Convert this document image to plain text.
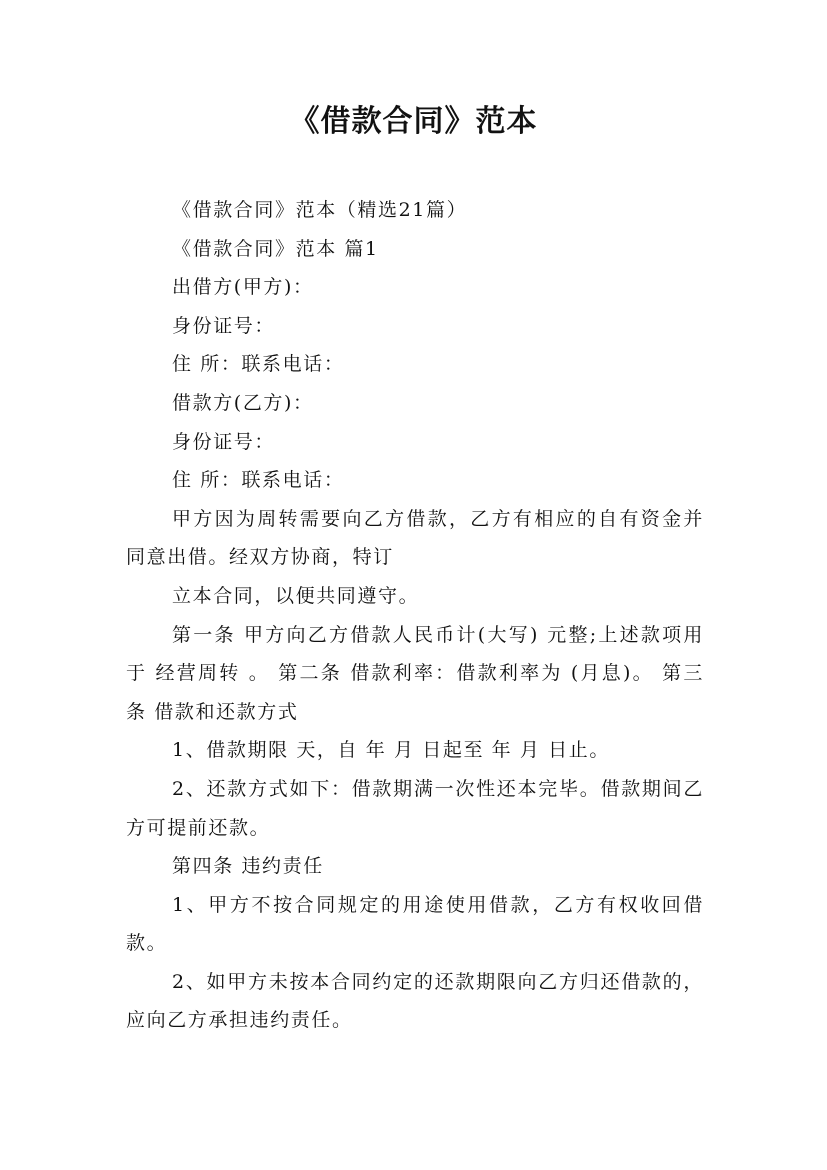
《借款合同》范本

《借款合同》范本（精选21篇）

《借款合同》范本 篇1

出借方(甲方)：

身份证号：

住 所：联系电话：

借款方(乙方)：

身份证号：

住 所：联系电话：

甲方因为周转需要向乙方借款，乙方有相应的自有资金并同意出借。经双方协商，特订

立本合同，以便共同遵守。

第一条 甲方向乙方借款人民币计(大写) 元整;上述款项用于 经营周转 。 第二条 借款利率：借款利率为 (月息)。 第三条 借款和还款方式

1、借款期限 天，自 年 月 日起至 年 月 日止。

2、还款方式如下：借款期满一次性还本完毕。借款期间乙方可提前还款。

第四条 违约责任

1、甲方不按合同规定的用途使用借款，乙方有权收回借款。

2、如甲方未按本合同约定的还款期限向乙方归还借款的，应向乙方承担违约责任。
